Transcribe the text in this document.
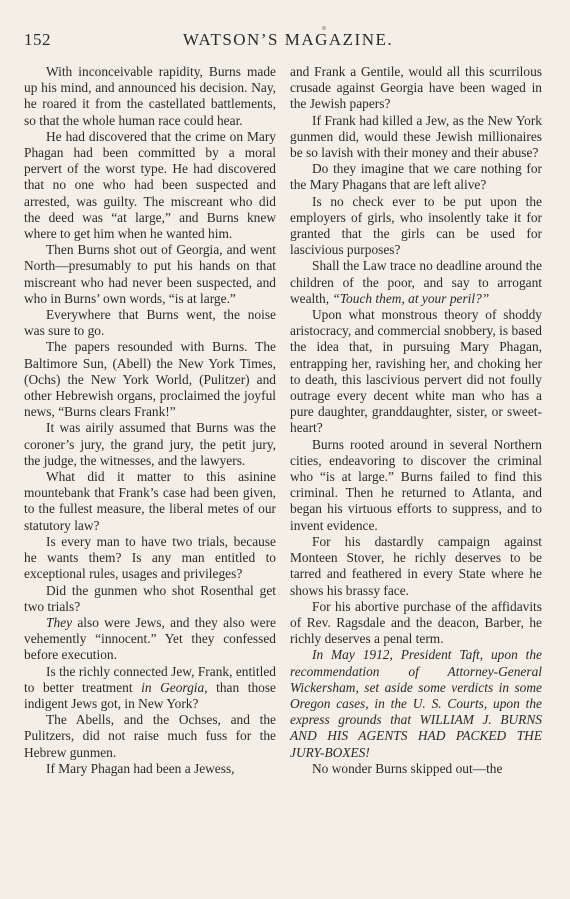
152	WATSON’S MAGAZINE.

With inconceivable rapidity, Burns made up his mind, and announced his decision. Nay, he roared it from the castellated battlements, so that the whole human race could hear.

He had discovered that the crime on Mary Phagan had been committed by a moral pervert of the worst type. He had discovered that no one who had been suspected and arrested, was guilty. The miscreant who did the deed was “at large,” and Burns knew where to get him when he wanted him.

Then Burns shot out of Georgia, and went North—presumably to put his hands on that miscreant who had never been suspected, and who in Burns’ own words, “is at large.”

Everywhere that Burns went, the noise was sure to go.

The papers resounded with Burns. The Baltimore Sun, (Abell) the New York Times, (Ochs) the New York World, (Pulitzer) and other Hebrewish organs, proclaimed the joyful news, “Burns clears Frank!”

It was airily assumed that Burns was the coroner’s jury, the grand jury, the petit jury, the judge, the witnesses, and the lawyers.

What did it matter to this asinine mountebank that Frank’s case had been given, to the fullest measure, the liberal metes of our statutory law?

Is every man to have two trials, because he wants them? Is any man entitled to exceptional rules, usages and privileges?

Did the gunmen who shot Rosenthal get two trials?

They also were Jews, and they also were vehemently “innocent.” Yet they confessed before execution.

Is the richly connected Jew, Frank, entitled to better treatment in Georgia, than those indigent Jews got, in New York?

The Abells, and the Ochses, and the Pulitzers, did not raise much fuss for the Hebrew gunmen.

If Mary Phagan had been a Jewess,

and Frank a Gentile, would all this scurrilous crusade against Georgia have been waged in the Jewish papers?

If Frank had killed a Jew, as the New York gunmen did, would these Jewish millionaires be so lavish with their money and their abuse?

Do they imagine that we care nothing for the Mary Phagans that are left alive?

Is no check ever to be put upon the employers of girls, who insolently take it for granted that the girls can be used for lascivious purposes?

Shall the Law trace no deadline around the children of the poor, and say to arrogant wealth, “Touch them, at your peril?”

Upon what monstrous theory of shoddy aristocracy, and commercial snobbery, is based the idea that, in pursuing Mary Phagan, entrapping her, ravishing her, and choking her to death, this lascivious pervert did not foully outrage every decent white man who has a pure daughter, granddaughter, sister, or sweet-heart?

Burns rooted around in several Northern cities, endeavoring to discover the criminal who “is at large.” Burns failed to find this criminal. Then he returned to Atlanta, and began his virtuous efforts to suppress, and to invent evidence.

For his dastardly campaign against Monteen Stover, he richly deserves to be tarred and feathered in every State where he shows his brassy face.

For his abortive purchase of the affidavits of Rev. Ragsdale and the deacon, Barber, he richly deserves a penal term.

In May 1912, President Taft, upon the recommendation of Attorney-General Wickersham, set aside some verdicts in some Oregon cases, in the U. S. Courts, upon the express grounds that WILLIAM J. BURNS AND HIS AGENTS HAD PACKED THE JURY-BOXES!

No wonder Burns skipped out—the
